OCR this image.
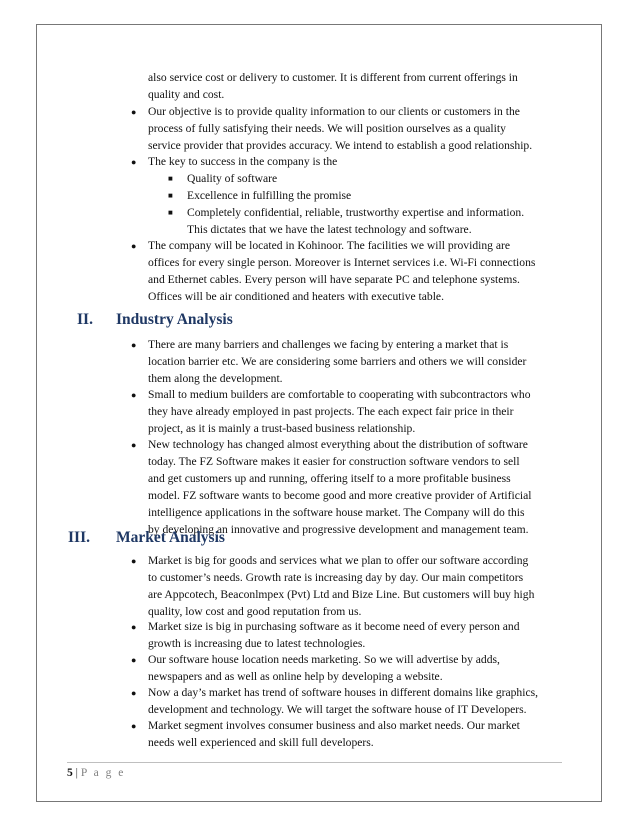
also service cost or delivery to customer. It is different from current offerings in
quality and cost.
● Our objective is to provide quality information to our clients or customers in the
process of fully satisfying their needs. We will position ourselves as a quality
service provider that provides accuracy. We intend to establish a good relationship.
● The key to success in the company is the
■ Quality of software
■ Excellence in fulfilling the promise
■ Completely confidential, reliable, trustworthy expertise and information.
This dictates that we have the latest technology and software.
● The company will be located in Kohinoor. The facilities we will providing are
offices for every single person. Moreover is Internet services i.e. Wi-Fi connections
and Ethernet cables. Every person will have separate PC and telephone systems.
Offices will be air conditioned and heaters with executive table.
II. Industry Analysis
● There are many barriers and challenges we facing by entering a market that is
location barrier etc. We are considering some barriers and others we will consider
them along the development.
● Small to medium builders are comfortable to cooperating with subcontractors who
they have already employed in past projects. The each expect fair price in their
project, as it is mainly a trust-based business relationship.
● New technology has changed almost everything about the distribution of software
today. The FZ Software makes it easier for construction software vendors to sell
and get customers up and running, offering itself to a more profitable business
model. FZ software wants to become good and more creative provider of Artificial
intelligence applications in the software house market. The Company will do this
by developing an innovative and progressive development and management team.
III. Market Analysis
● Market is big for goods and services what we plan to offer our software according
to customer’s needs. Growth rate is increasing day by day. Our main competitors
are Appcotech, Beaconlmpex (Pvt) Ltd and Bize Line. But customers will buy high
quality, low cost and good reputation from us.
● Market size is big in purchasing software as it become need of every person and
growth is increasing due to latest technologies.
● Our software house location needs marketing. So we will advertise by adds,
newspapers and as well as online help by developing a website.
● Now a day’s market has trend of software houses in different domains like graphics,
development and technology. We will target the software house of IT Developers.
● Market segment involves consumer business and also market needs. Our market
needs well experienced and skill full developers.
5 | P a g e
